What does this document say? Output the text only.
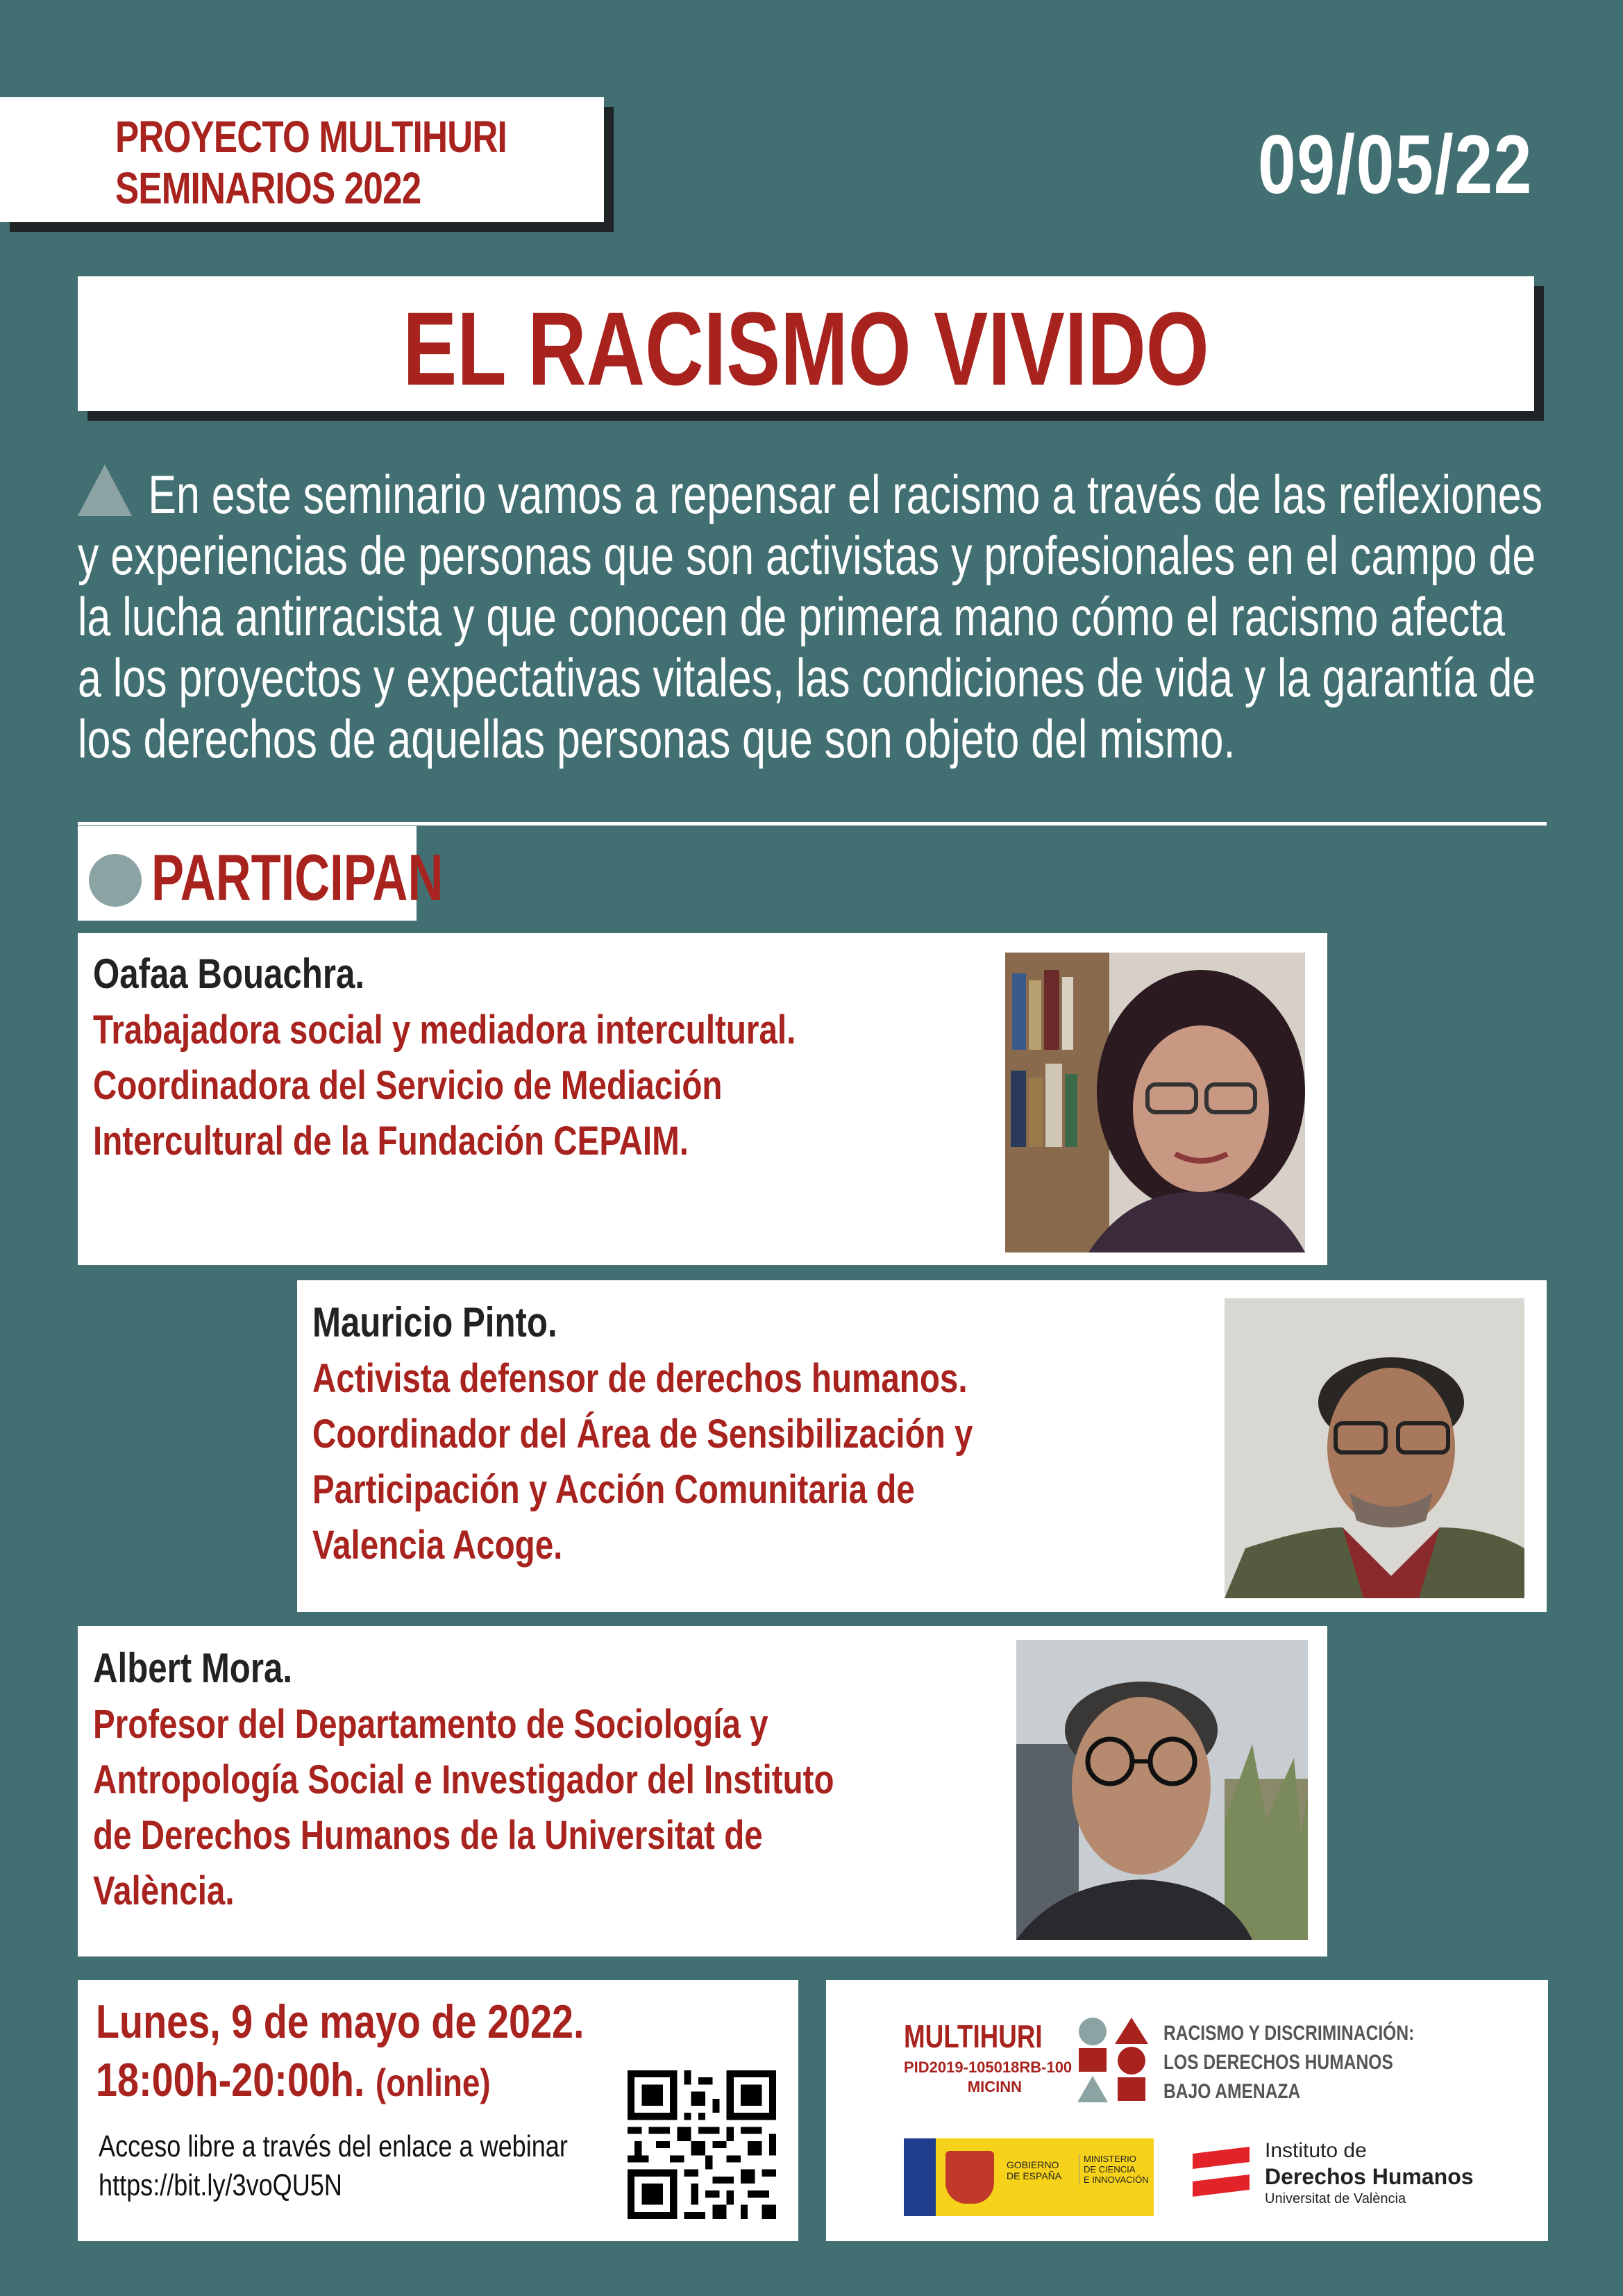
PROYECTO MULTIHURI
SEMINARIOS 2022	09/05/22
EL RACISMO VIVIDO

En este seminario vamos a repensar el racismo a través de las reflexiones
y experiencias de personas que son activistas y profesionales en el campo de
la lucha antirracista y que conocen de primera mano cómo el racismo afecta
a los proyectos y expectativas vitales, las condiciones de vida y la garantía de
los derechos de aquellas personas que son objeto del mismo.

PARTICIPAN
Oafaa Bouachra.
Trabajadora social y mediadora intercultural.
Coordinadora del Servicio de Mediación
Intercultural de la Fundación CEPAIM.
Mauricio Pinto.
Activista defensor de derechos humanos.
Coordinador del Área de Sensibilización y
Participación y Acción Comunitaria de
Valencia Acoge.
Albert Mora.
Profesor del Departamento de Sociología y
Antropología Social e Investigador del Instituto
de Derechos Humanos de la Universitat de
València.
Lunes, 9 de mayo de 2022.
18:00h-20:00h. (online)
Acceso libre a través del enlace a webinar
https://bit.ly/3voQU5N
MULTIHURI
PID2019-105018RB-100
MICINN
RACISMO Y DISCRIMINACIÓN:
LOS DERECHOS HUMANOS
BAJO AMENAZA
GOBIERNO
DE ESPAÑA
MINISTERIO
DE CIENCIA
E INNOVACIÓN
Instituto de
Derechos Humanos
Universitat de València
